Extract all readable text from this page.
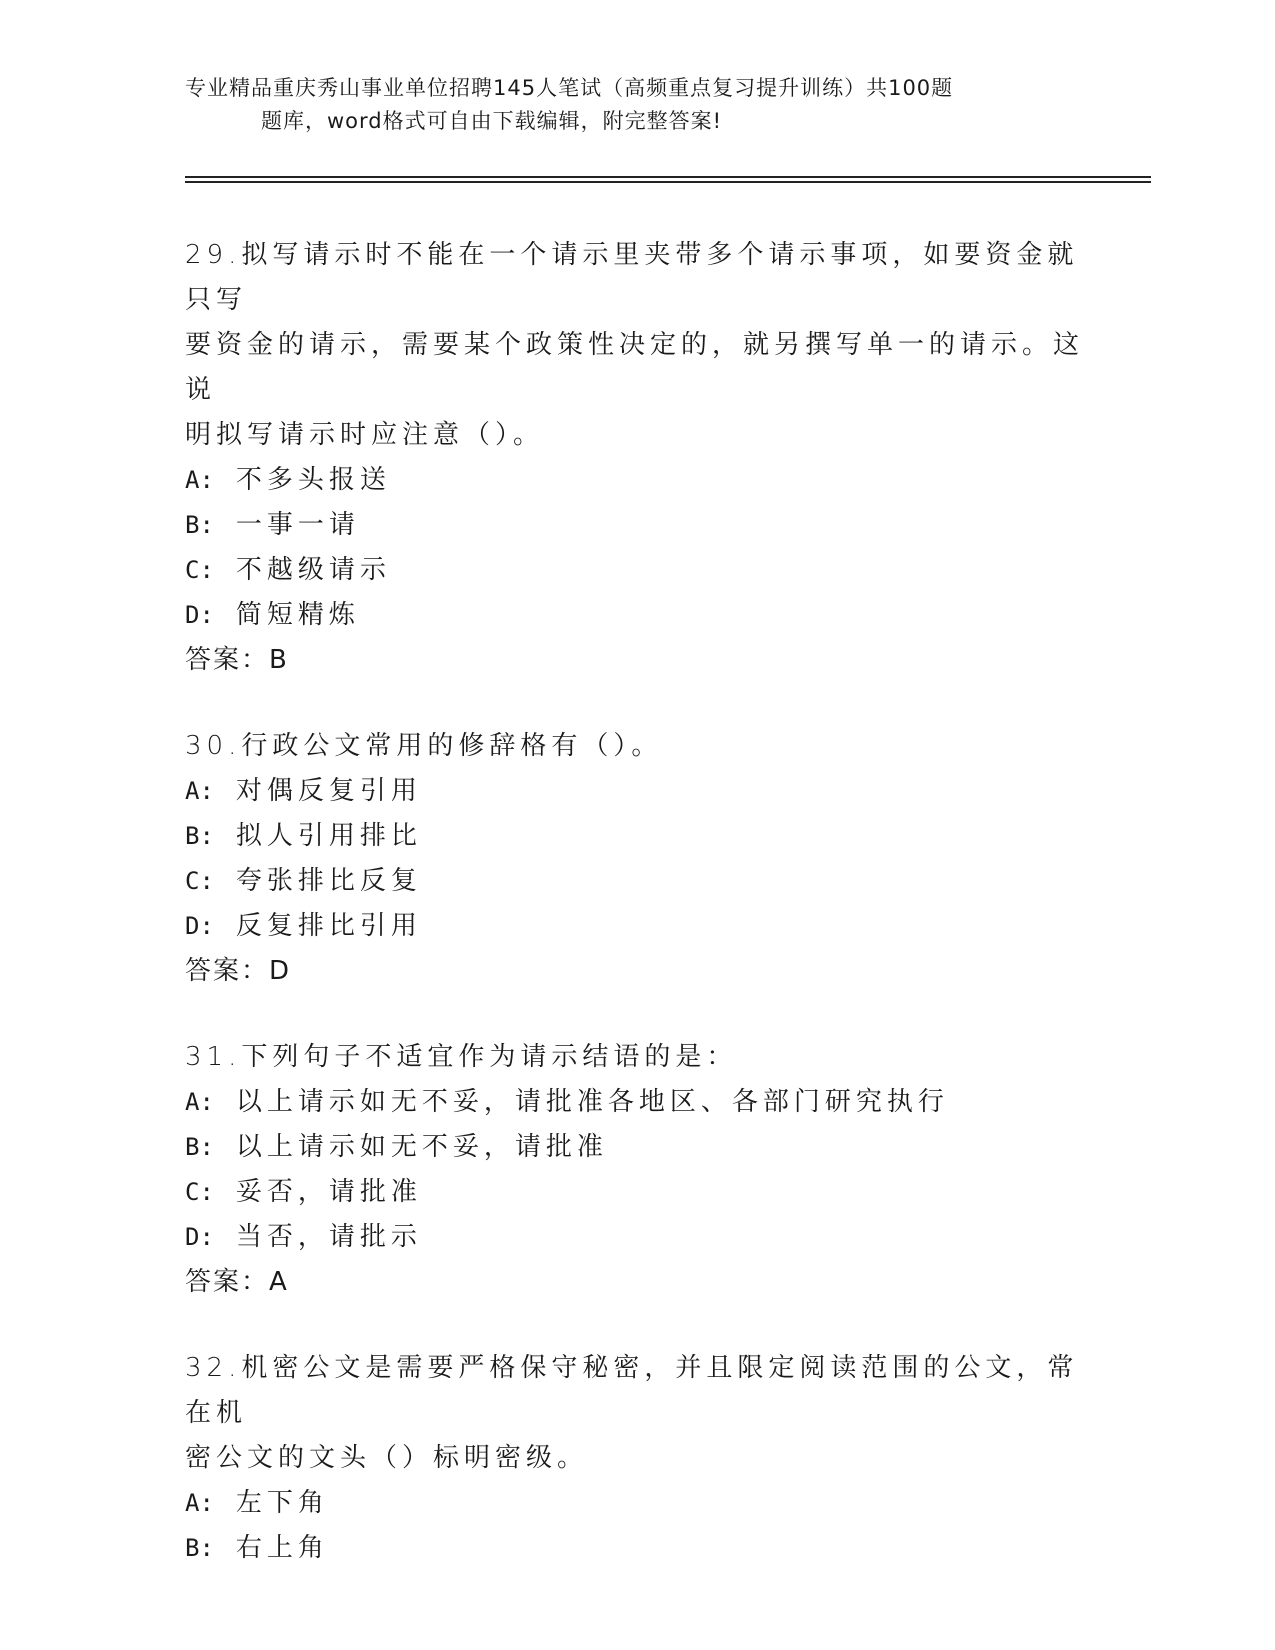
专业精品重庆秀山事业单位招聘145人笔试（高频重点复习提升训练）共100题
题库，word格式可自由下载编辑，附完整答案!

29.拟写请示时不能在一个请示里夹带多个请示事项，如要资金就只写

要资金的请示，需要某个政策性决定的，就另撰写单一的请示。这说

明拟写请示时应注意（）。

A: 不多头报送

B: 一事一请

C: 不越级请示

D: 简短精炼

答案：B

30.行政公文常用的修辞格有（）。

A: 对偶反复引用

B: 拟人引用排比

C: 夸张排比反复

D: 反复排比引用

答案：D

31.下列句子不适宜作为请示结语的是：

A: 以上请示如无不妥，请批准各地区、各部门研究执行

B: 以上请示如无不妥，请批准

C: 妥否，请批准

D: 当否，请批示

答案：A

32.机密公文是需要严格保守秘密，并且限定阅读范围的公文，常在机

密公文的文头（）标明密级。

A: 左下角

B: 右上角
